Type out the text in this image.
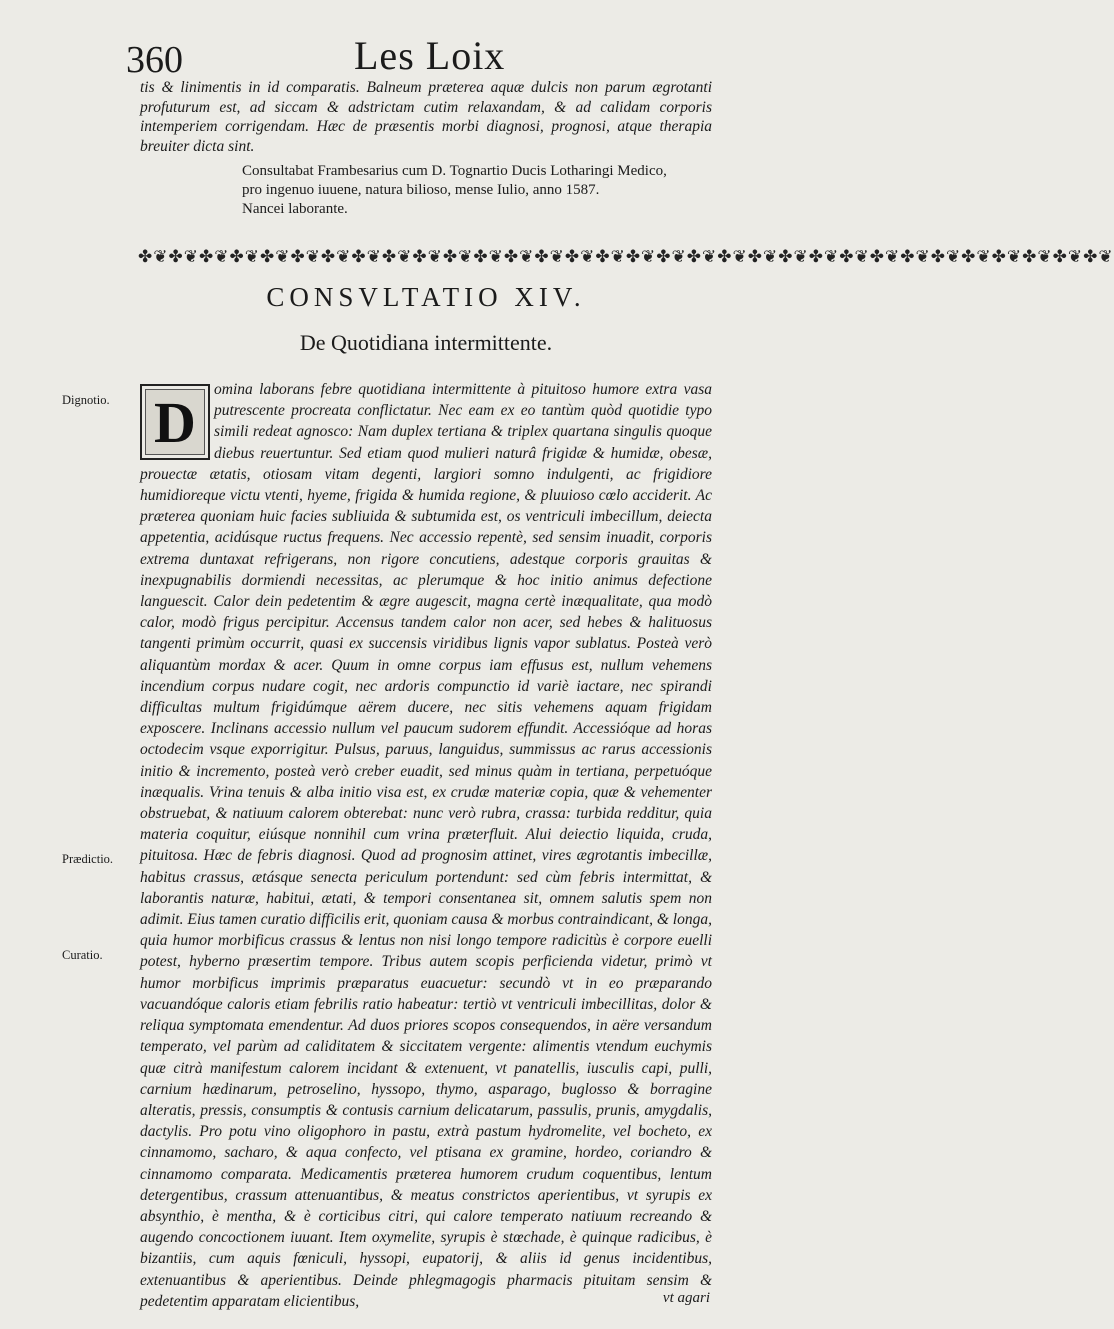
360	Les Loix
tis & linimentis in id comparatis. Balneum præterea aquæ dulcis non parum ægrotanti profuturum est, ad siccam & adstrictam cutim relaxandam, & ad calidam corporis intemperiem corrigendam. Hæc de præsentis morbi diagnosi, prognosi, atque therapia breuiter dicta sint.
Consultabat Frambesarius cum D. Tognartio Ducis Lotharingi Medico,
pro ingenuo iuuene, natura bilioso, mense Iulio, anno 1587.
Nancei laborante.
✤❦✤❦✤❦✤❦✤❦✤❦✤❦✤❦✤❦✤❦✤❦✤❦✤❦✤❦✤❦✤❦✤❦✤❦✤❦✤❦✤❦✤❦✤❦✤❦✤❦✤❦✤❦✤❦✤❦✤❦✤❦✤❦
CONSVLTATIO XIV.
De Quotidiana intermittente.
Dignotio.
Prædictio.
Curatio.
omina laborans febre quotidiana intermittente à pituitoso humore extra vasa putrescente procreata conflictatur. Nec eam ex eo tantùm quòd quotidie typo simili redeat agnosco: Nam duplex tertiana & triplex quartana singulis quoque diebus reuertuntur. Sed etiam quod mulieri naturâ frigidæ & humidæ, obesæ, prouectæ ætatis, otiosam vitam degenti, largiori somno indulgenti, ac frigidiore humidioreque victu vtenti, hyeme, frigida & humida regione, & pluuioso cœlo acciderit. Ac præterea quoniam huic facies subliuida & subtumida est, os ventriculi imbecillum, deiecta appetentia, acidúsque ructus frequens. Nec accessio repentè, sed sensim inuadit, corporis extrema duntaxat refrigerans, non rigore concutiens, adestque corporis grauitas & inexpugnabilis dormiendi necessitas, ac plerumque & hoc initio animus defectione languescit. Calor dein pedetentim & ægre augescit, magna certè inæqualitate, qua modò calor, modò frigus percipitur. Accensus tandem calor non acer, sed hebes & halituosus tangenti primùm occurrit, quasi ex succensis viridibus lignis vapor sublatus. Posteà verò aliquantùm mordax & acer. Quum in omne corpus iam effusus est, nullum vehemens incendium corpus nudare cogit, nec ardoris compunctio id variè iactare, nec spirandi difficultas multum frigidúmque aërem ducere, nec sitis vehemens aquam frigidam exposcere. Inclinans accessio nullum vel paucum sudorem effundit. Accessióque ad horas octodecim vsque exporrigitur. Pulsus, paruus, languidus, summissus ac rarus accessionis initio & incremento, posteà verò creber euadit, sed minus quàm in tertiana, perpetuóque inæqualis. Vrina tenuis & alba initio visa est, ex crudæ materiæ copia, quæ & vehementer obstruebat, & natiuum calorem obterebat: nunc verò rubra, crassa: turbida redditur, quia materia coquitur, eiúsque nonnihil cum vrina præterfluit. Alui deiectio liquida, cruda, pituitosa. Hæc de febris diagnosi. Quod ad prognosim attinet, vires ægrotantis imbecillæ, habitus crassus, ætásque senecta periculum portendunt: sed cùm febris intermittat, & laborantis naturæ, habitui, ætati, & tempori consentanea sit, omnem salutis spem non adimit. Eius tamen curatio difficilis erit, quoniam causa & morbus contraindicant, & longa, quia humor morbificus crassus & lentus non nisi longo tempore radicitùs è corpore euelli potest, hyberno præsertim tempore. Tribus autem scopis perficienda videtur, primò vt humor morbificus imprimis præparatus euacuetur: secundò vt in eo præparando vacuandóque caloris etiam febrilis ratio habeatur: tertiò vt ventriculi imbecillitas, dolor & reliqua symptomata emendentur. Ad duos priores scopos consequendos, in aëre versandum temperato, vel parùm ad caliditatem & siccitatem vergente: alimentis vtendum euchymis quæ citrà manifestum calorem incidant & extenuent, vt panatellis, iusculis capi, pulli, carnium hædinarum, petroselino, hyssopo, thymo, asparago, buglosso & borragine alteratis, pressis, consumptis & contusis carnium delicatarum, passulis, prunis, amygdalis, dactylis. Pro potu vino oligophoro in pastu, extrà pastum hydromelite, vel bocheto, ex cinnamomo, sacharo, & aqua confecto, vel ptisana ex gramine, hordeo, coriandro & cinnamomo comparata. Medicamentis præterea humorem crudum coquentibus, lentum detergentibus, crassum attenuantibus, & meatus constrictos aperientibus, vt syrupis ex absynthio, è mentha, & è corticibus citri, qui calore temperato natiuum recreando & augendo concoctionem iuuant. Item oxymelite, syrupis è stœchade, è quinque radicibus, è bizantiis, cum aquis fœniculi, hyssopi, eupatorij, & aliis id genus incidentibus, extenuantibus & aperientibus. Deinde phlegmagogis pharmacis pituitam sensim & pedetentim apparatam elicientibus,
D
vt agari
